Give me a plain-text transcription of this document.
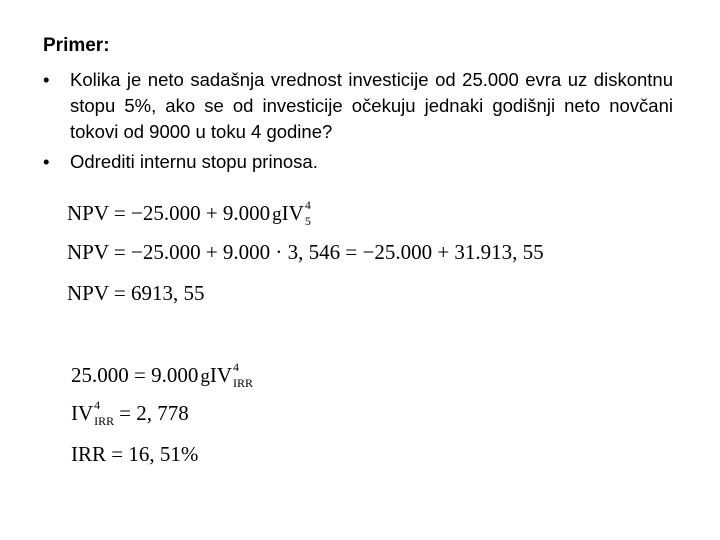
Primer:
• Kolika je neto sadašnja vrednost investicije od 25.000 evra uz diskontnu stopu 5%, ako se od investicije očekuju jednaki godišnji neto novčani tokovi od 9000 u toku 4 godine?
• Odrediti internu stopu prinosa.
NPV = −25.000 + 9.000 gIV 4
5
NPV = −25.000 + 9.000 · 3, 546 = −25.000 + 31.913, 55
NPV = 6913, 55
25.000 = 9.000 gIV 4
IRR
IV 4
IRR = 2, 778
IRR = 16, 51%
